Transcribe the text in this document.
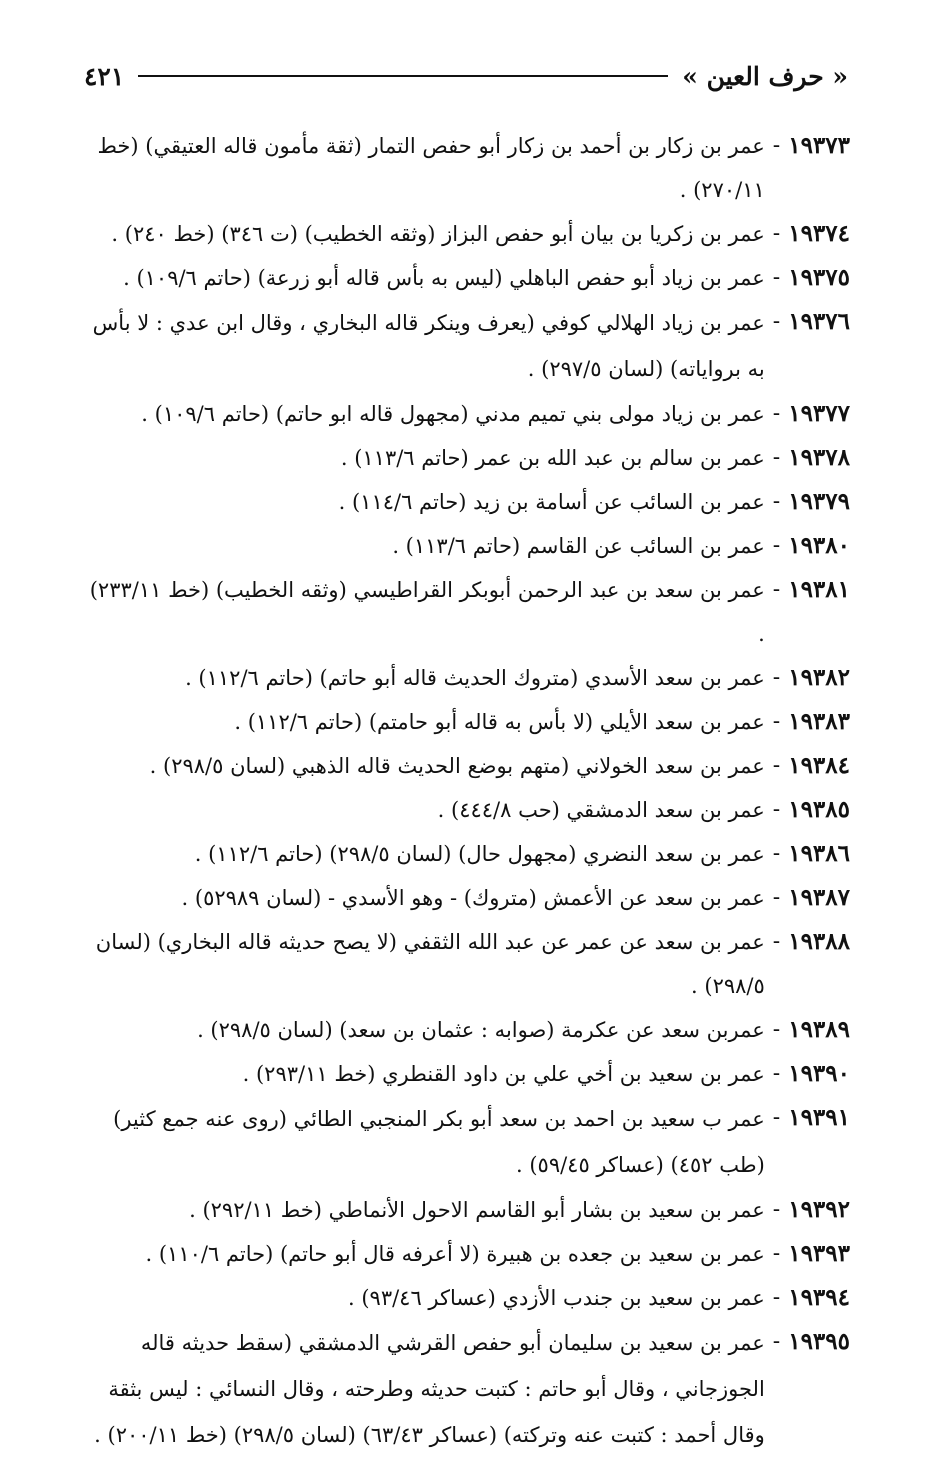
« حرف العين »
٤٢١
١٩٣٧٣
-
عمر بن زكار بن أحمد بن زكار أبو حفص التمار (ثقة مأمون قاله العتيقي) (خط ٢٧٠/١١) .
١٩٣٧٤
-
عمر بن زكريا بن بيان أبو حفص البزاز (وثقه الخطيب) (ت ٣٤٦) (خط ٢٤٠) .
١٩٣٧٥
-
عمر بن زياد أبو حفص الباهلي (ليس به بأس قاله أبو زرعة) (حاتم ١٠٩/٦) .
١٩٣٧٦
-
عمر بن زياد الهلالي كوفي (يعرف وينكر قاله البخاري ، وقال ابن عدي : لا بأس به برواياته) (لسان ٢٩٧/٥) .
١٩٣٧٧
-
عمر بن زياد مولى بني تميم مدني (مجهول قاله ابو حاتم) (حاتم ١٠٩/٦) .
١٩٣٧٨
-
عمر بن سالم بن عبد الله بن عمر (حاتم ١١٣/٦) .
١٩٣٧٩
-
عمر بن السائب عن أسامة بن زيد (حاتم ١١٤/٦) .
١٩٣٨٠
-
عمر بن السائب عن القاسم (حاتم ١١٣/٦) .
١٩٣٨١
-
عمر بن سعد بن عبد الرحمن أبوبكر القراطيسي (وثقه الخطيب) (خط ٢٣٣/١١) .
١٩٣٨٢
-
عمر بن سعد الأسدي (متروك الحديث قاله أبو حاتم) (حاتم ١١٢/٦) .
١٩٣٨٣
-
عمر بن سعد الأيلي (لا بأس به قاله أبو حامتم) (حاتم ١١٢/٦) .
١٩٣٨٤
-
عمر بن سعد الخولاني (متهم بوضع الحديث قاله الذهبي (لسان ٢٩٨/٥) .
١٩٣٨٥
-
عمر بن سعد الدمشقي (حب ٤٤٤/٨) .
١٩٣٨٦
-
عمر بن سعد النضري (مجهول حال) (لسان ٢٩٨/٥) (حاتم ١١٢/٦) .
١٩٣٨٧
-
عمر بن سعد عن الأعمش (متروك) - وهو الأسدي - (لسان ٥٢٩٨٩) .
١٩٣٨٨
-
عمر بن سعد عن عمر عن عبد الله الثقفي (لا يصح حديثه قاله البخاري) (لسان ٢٩٨/٥) .
١٩٣٨٩
-
عمربن سعد عن عكرمة (صوابه : عثمان بن سعد) (لسان ٢٩٨/٥) .
١٩٣٩٠
-
عمر بن سعيد بن أخي علي بن داود القنطري (خط ٢٩٣/١١) .
١٩٣٩١
-
عمر ب سعيد بن احمد بن سعد أبو بكر المنجبي الطائي (روى عنه جمع كثير) (طب ٤٥٢) (عساكر ٥٩/٤٥) .
١٩٣٩٢
-
عمر بن سعيد بن بشار أبو القاسم الاحول الأنماطي (خط ٢٩٢/١١) .
١٩٣٩٣
-
عمر بن سعيد بن جعده بن هبيرة (لا أعرفه قال أبو حاتم) (حاتم ١١٠/٦) .
١٩٣٩٤
-
عمر بن سعيد بن جندب الأزدي (عساكر ٩٣/٤٦) .
١٩٣٩٥
-
عمر بن سعيد بن سليمان أبو حفص القرشي الدمشقي (سقط حديثه قاله الجوزجاني ، وقال أبو حاتم : كتبت حديثه وطرحته ، وقال النسائي : ليس بثقة وقال أحمد : كتبت عنه وتركته) (عساكر ٦٣/٤٣) (لسان ٢٩٨/٥) (خط ٢٠٠/١١) .
